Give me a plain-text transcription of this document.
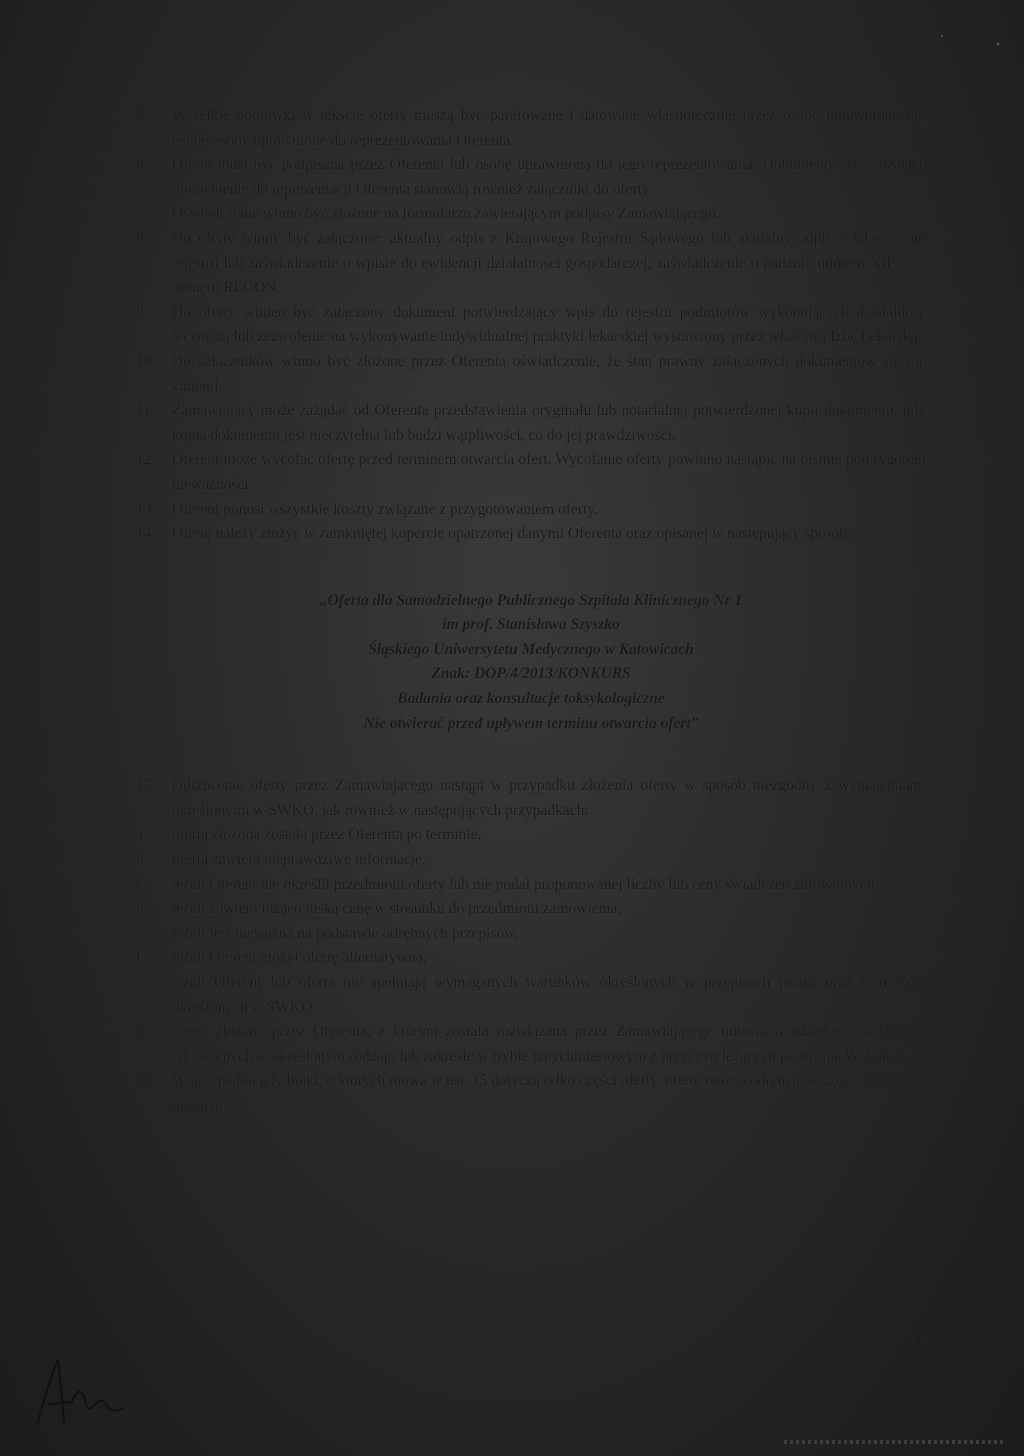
5. Wszelkie poprawki w tekście oferty muszą być parafowane i datowane własnoręcznie przez osobę uprawnioną lub osobę/osoby uprawnione do reprezentowania Oferenta.

6. Oferta musi być podpisana przez Oferenta lub osobę uprawnioną do jego reprezentowania. Dokumenty stwierdzające uprawnienie do reprezentacji Oferenta stanowią również załączniki do oferty.

7. Oświadczenie winno być złożone na formularzu zawierającym podpisy Zamawiającego.

8. Do oferty winny być załączone: aktualny odpis z Krajowego Rejestru Sądowego lub aktualny odpis z właściwego rejestru lub zaświadczenie o wpisie do ewidencji działalności gospodarczej, zaświadczenie o nadaniu numeru NIP oraz numeru REGON.

9. Do oferty winien być załączony dokument potwierdzający wpis do rejestru podmiotów wykonujących działalność leczniczą lub zezwolenie na wykonywanie indywidualnej praktyki lekarskiej wystawiony przez właściwą Izbę Lekarską.

10. Do załączników winno być złożone przez Oferenta oświadczenie, że stan prawny załączonych dokumentów się nie zmienił.

11. Zamawiający może zażądać od Oferenta przedstawienia oryginału lub notarialnej potwierdzonej kopii dokumentu, gdy kopia dokumentu jest nieczytelna lub budzi wątpliwości, co do jej prawdziwości.

12. Oferent może wycofać ofertę przed terminem otwarcia ofert. Wycofanie oferty powinno nastąpić na piśmie pod rygorem nieważności.

13. Oferent ponosi wszystkie koszty związane z przygotowaniem oferty.

14. Ofertę należy złożyć w zamkniętej kopercie opatrzonej danymi Oferenta oraz opisanej w następujący sposób:

„Oferta dla Samodzielnego Publicznego Szpitala Klinicznego Nr 1
im prof. Stanisława Szyszko
Śląskiego Uniwersytetu Medycznego w Katowicach
Znak: DOP/4/2013/KONKURS
Badania oraz konsultacje toksykologiczne
Nie otwierać przed upływem terminu otwarcia ofert”

15. Odrzucenie oferty przez Zamawiającego nastąpi w przypadku złożenia oferty w sposób niezgodny z wymaganiami określonymi w SWKO, jak również w następujących przypadkach:

a. oferta złożona została przez Oferenta po terminie,

b. oferta zawiera nieprawdziwe informacje,

c. jeżeli Oferent nie określił przedmiotu oferty lub nie podał proponowanej liczby lub ceny świadczeń zdrowotnych,

d. jeżeli zawiera rażąco niską cenę w stosunku do przedmiotu zamówienia,

e. jeżeli jest nieważna na podstawie odrębnych przepisów,

f. jeżeli Oferent złożył ofertę alternatywną,

g. jeżeli Oferent lub oferta nie spełniają wymaganych warunków określonych w przepisach prawa oraz warunków określonych w SWKO,

h. oferta złożona przez Oferenta, z którym została rozwiązana przez Zamawiającego umowa o udzielanie świadczeń zdrowotnych w określonym rodzaju lub zakresie w trybie natychmiastowym z przyczyn leżących po stronie Wykonawcy.

16. W przypadku gdy braki, o których mowa w ust. 15 dotyczą tylko części oferty, ofertę można odrzucić w części dotkniętej brakiem.

4
